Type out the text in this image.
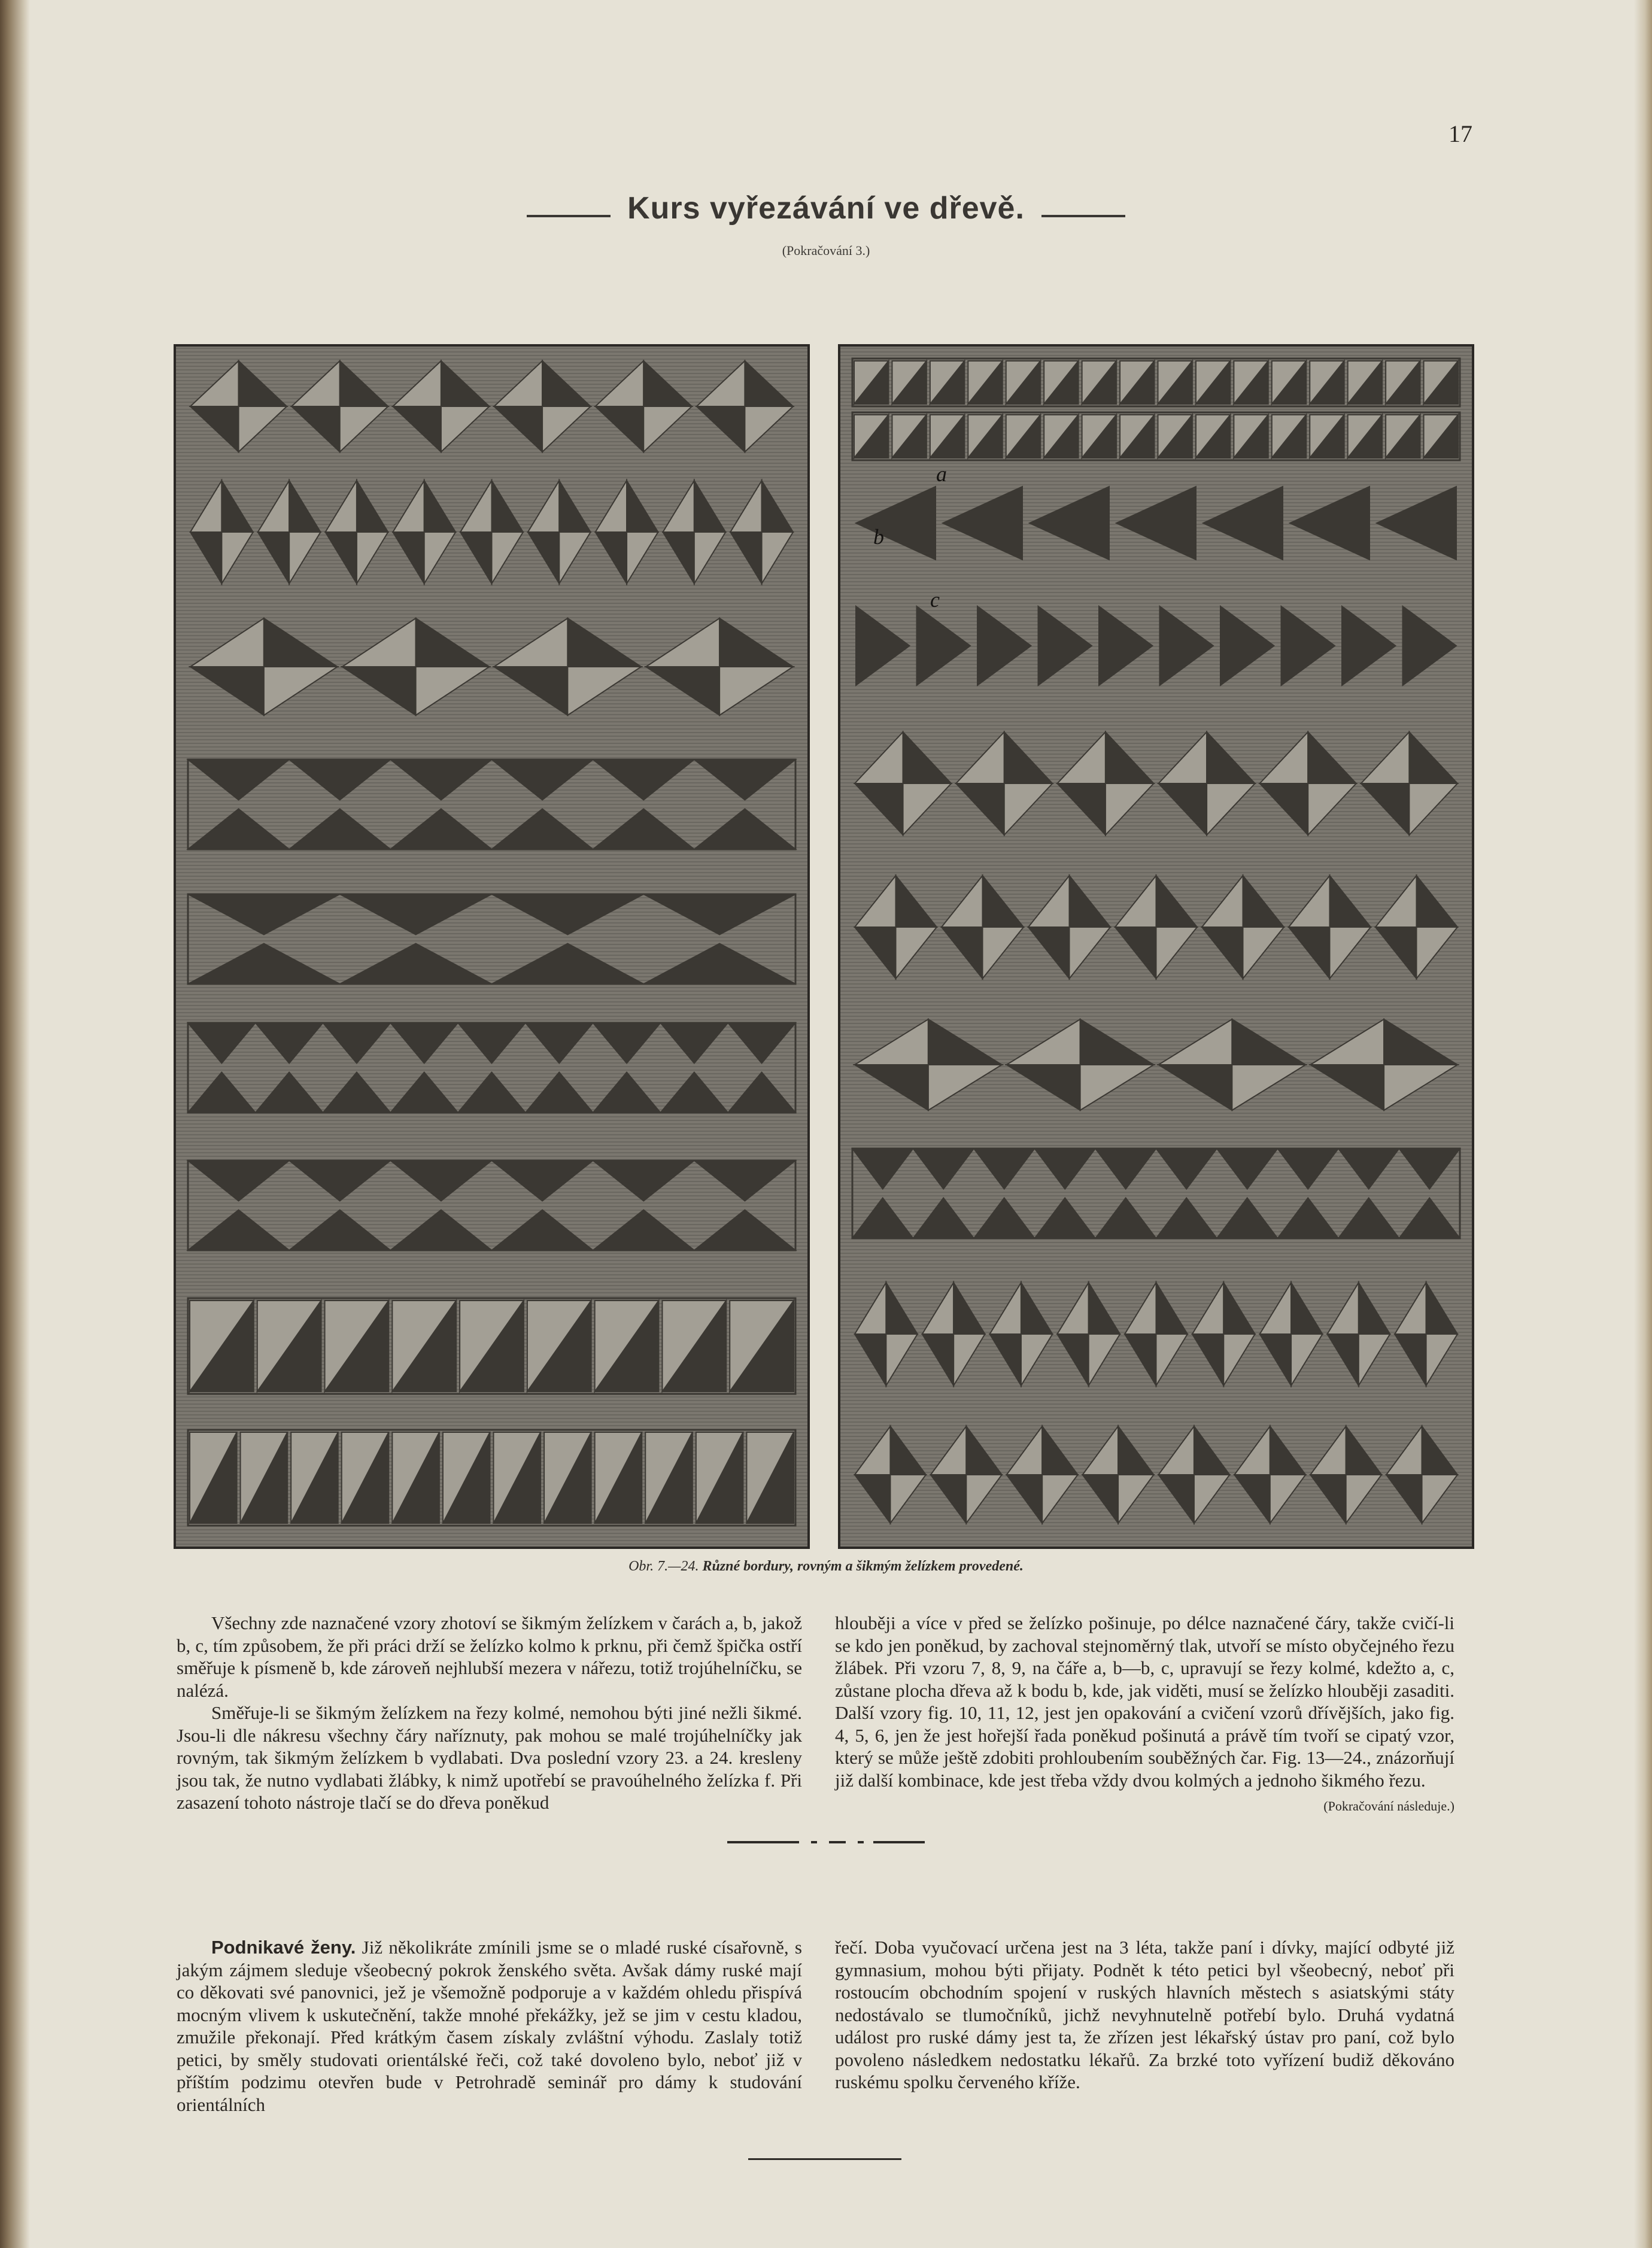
17
Kurs vyřezávání ve dřevě.
(Pokračování 3.)
a
b
c
Obr. 7.—24. Různé bordury, rovným a šikmým želízkem provedené.

Všechny zde naznačené vzory zhotoví se šikmým želízkem v čarách a, b, jakož b, c, tím způsobem, že při práci drží se želízko kolmo k prknu, při čemž špička ostří směřuje k písmeně b, kde zároveň nejhlubší mezera v nářezu, totiž trojúhelníčku, se nalézá.

Směřuje-li se šikmým želízkem na řezy kolmé, nemohou býti jiné nežli šikmé. Jsou-li dle nákresu všechny čáry naříznuty, pak mohou se malé trojúhelníčky jak rovným, tak šikmým želízkem b vydlabati. Dva poslední vzory 23. a 24. kresleny jsou tak, že nutno vydlabati žlábky, k nimž upotřebí se pravoúhelného želízka f. Při zasazení tohoto nástroje tlačí se do dřeva poněkud

hlouběji a více v před se želízko pošinuje, po délce naznačené čáry, takže cvičí-li se kdo jen poněkud, by zachoval stejnoměrný tlak, utvoří se místo obyčejného řezu žlábek. Při vzoru 7, 8, 9, na čáře a, b—b, c, upravují se řezy kolmé, kdežto a, c, zůstane plocha dřeva až k bodu b, kde, jak viděti, musí se želízko hlouběji zasaditi. Další vzory fig. 10, 11, 12, jest jen opakování a cvičení vzorů dřívějších, jako fig. 4, 5, 6, jen že jest hořejší řada poněkud pošinutá a právě tím tvoří se cipatý vzor, který se může ještě zdobiti prohloubením souběžných čar. Fig. 13—24., znázorňují již další kombinace, kde jest třeba vždy dvou kolmých a jednoho šikmého řezu.

(Pokračování následuje.)

Podnikavé ženy. Již několikráte zmínili jsme se o mladé ruské císařovně, s jakým zájmem sleduje všeobecný pokrok ženského světa. Avšak dámy ruské mají co děkovati své panovnici, jež je všemožně podporuje a v každém ohledu přispívá mocným vlivem k uskutečnění, takže mnohé překážky, jež se jim v cestu kladou, zmužile překonají. Před krátkým časem získaly zvláštní výhodu. Zaslaly totiž petici, by směly studovati orientálské řeči, což také dovoleno bylo, neboť již v příštím podzimu otevřen bude v Petrohradě seminář pro dámy k studování orientálních

řečí. Doba vyučovací určena jest na 3 léta, takže paní i dívky, mající odbyté již gymnasium, mohou býti přijaty. Podnět k této petici byl všeobecný, neboť při rostoucím obchodním spojení v ruských hlavních městech s asiatskými státy nedostávalo se tlumočníků, jichž nevyhnutelně potřebí bylo. Druhá vydatná událost pro ruské dámy jest ta, že zřízen jest lékařský ústav pro paní, což bylo povoleno následkem nedostatku lékařů. Za brzké toto vyřízení budiž děkováno ruskému spolku červeného kříže.
